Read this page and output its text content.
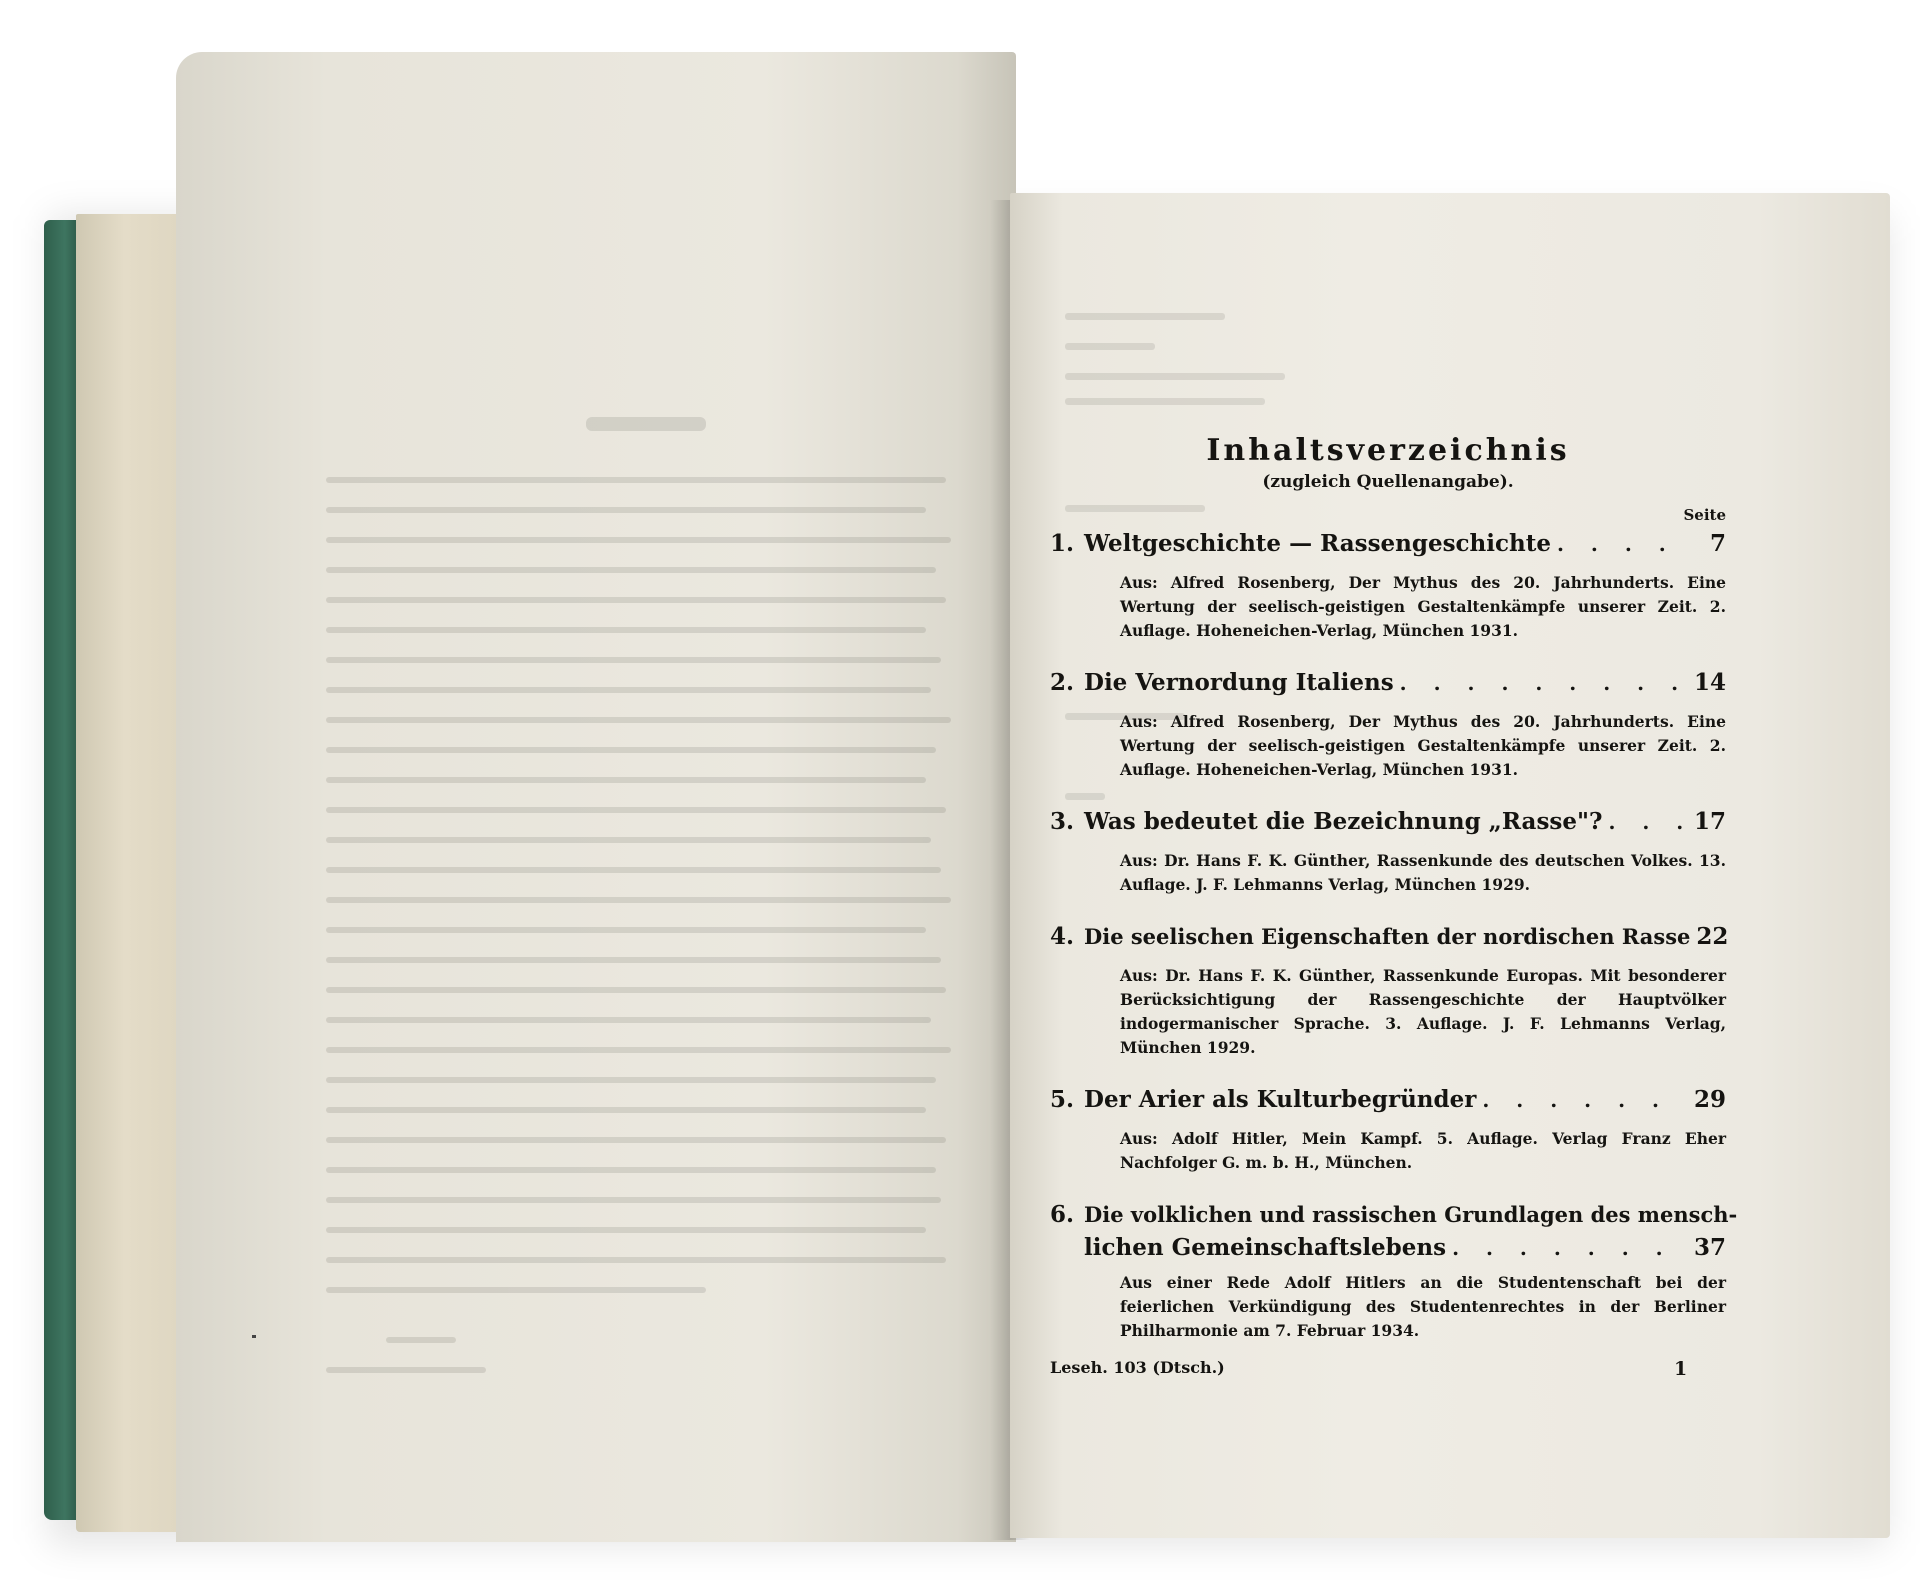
Inhaltsverzeichnis
(zugleich Quellenangabe).
Seite
1. Weltgeschichte — Rassengeschichte . . .	7
Aus: Alfred Rosenberg, Der Mythus des 20. Jahrhunderts. Eine Wertung der seelisch-geistigen Gestaltenkämpfe unserer Zeit. 2. Auflage. Hoheneichen-Verlag, München 1931.
2. Die Vernordung Italiens . . .	14
Aus: Alfred Rosenberg, Der Mythus des 20. Jahrhunderts. Eine Wertung der seelisch-geistigen Gestaltenkämpfe unserer Zeit. 2. Auflage. Hoheneichen-Verlag, München 1931.
3. Was bedeutet die Bezeichnung „Rasse"? . . .	17
Aus: Dr. Hans F. K. Günther, Rassenkunde des deutschen Volkes. 13. Auflage. J. F. Lehmanns Verlag, München 1929.
4. Die seelischen Eigenschaften der nordischen Rasse 22
Aus: Dr. Hans F. K. Günther, Rassenkunde Europas. Mit besonderer Berücksichtigung der Rassengeschichte der Hauptvölker indogermanischer Sprache. 3. Auflage. J. F. Lehmanns Verlag, München 1929.
5. Der Arier als Kulturbegründer . . .	29
Aus: Adolf Hitler, Mein Kampf. 5. Auflage. Verlag Franz Eher Nachfolger G. m. b. H., München.
6. Die volklichen und rassischen Grundlagen des mensch-
lichen Gemeinschaftslebens . . .	37
Aus einer Rede Adolf Hitlers an die Studentenschaft bei der feierlichen Verkündigung des Studentenrechtes in der Berliner Philharmonie am 7. Februar 1934.
Leseh. 103 (Dtsch.)	1
